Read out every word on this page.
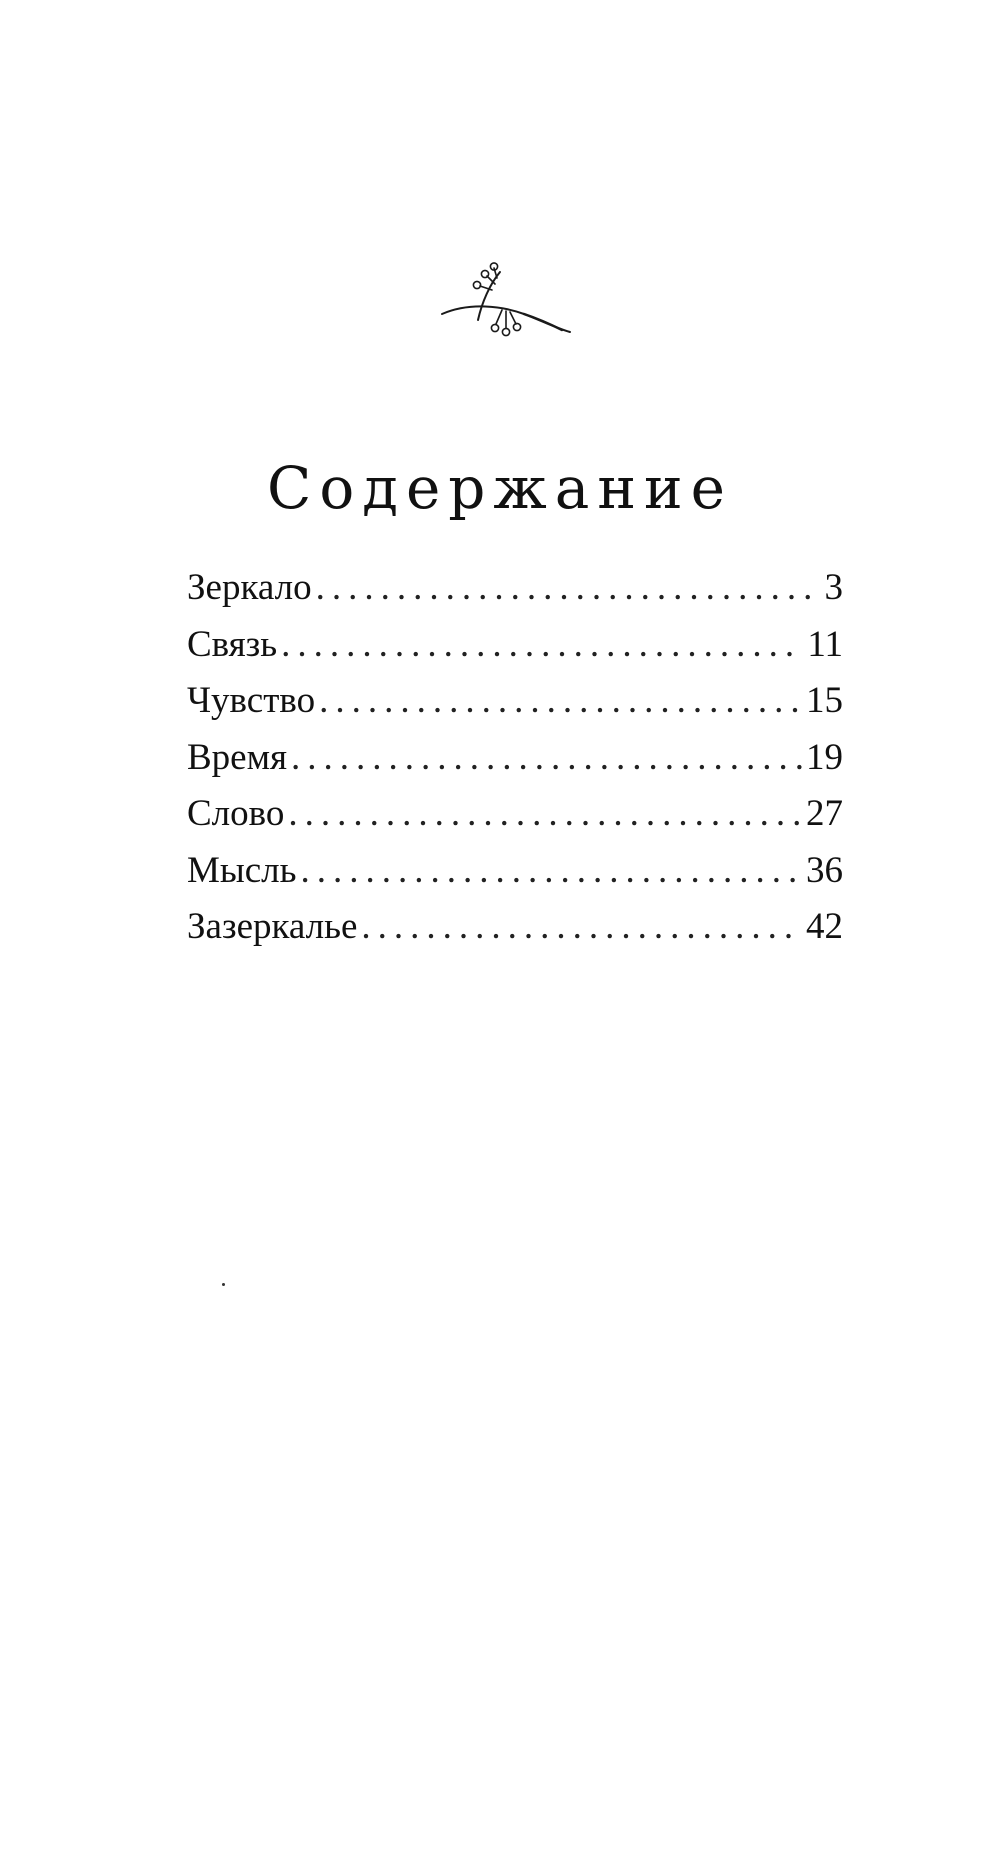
Содержание
Зеркало .....	3
Связь .....	11
Чувство .....	15
Время .....	19
Слово .....	27
Мысль .....	36
Зазеркалье .....	42
